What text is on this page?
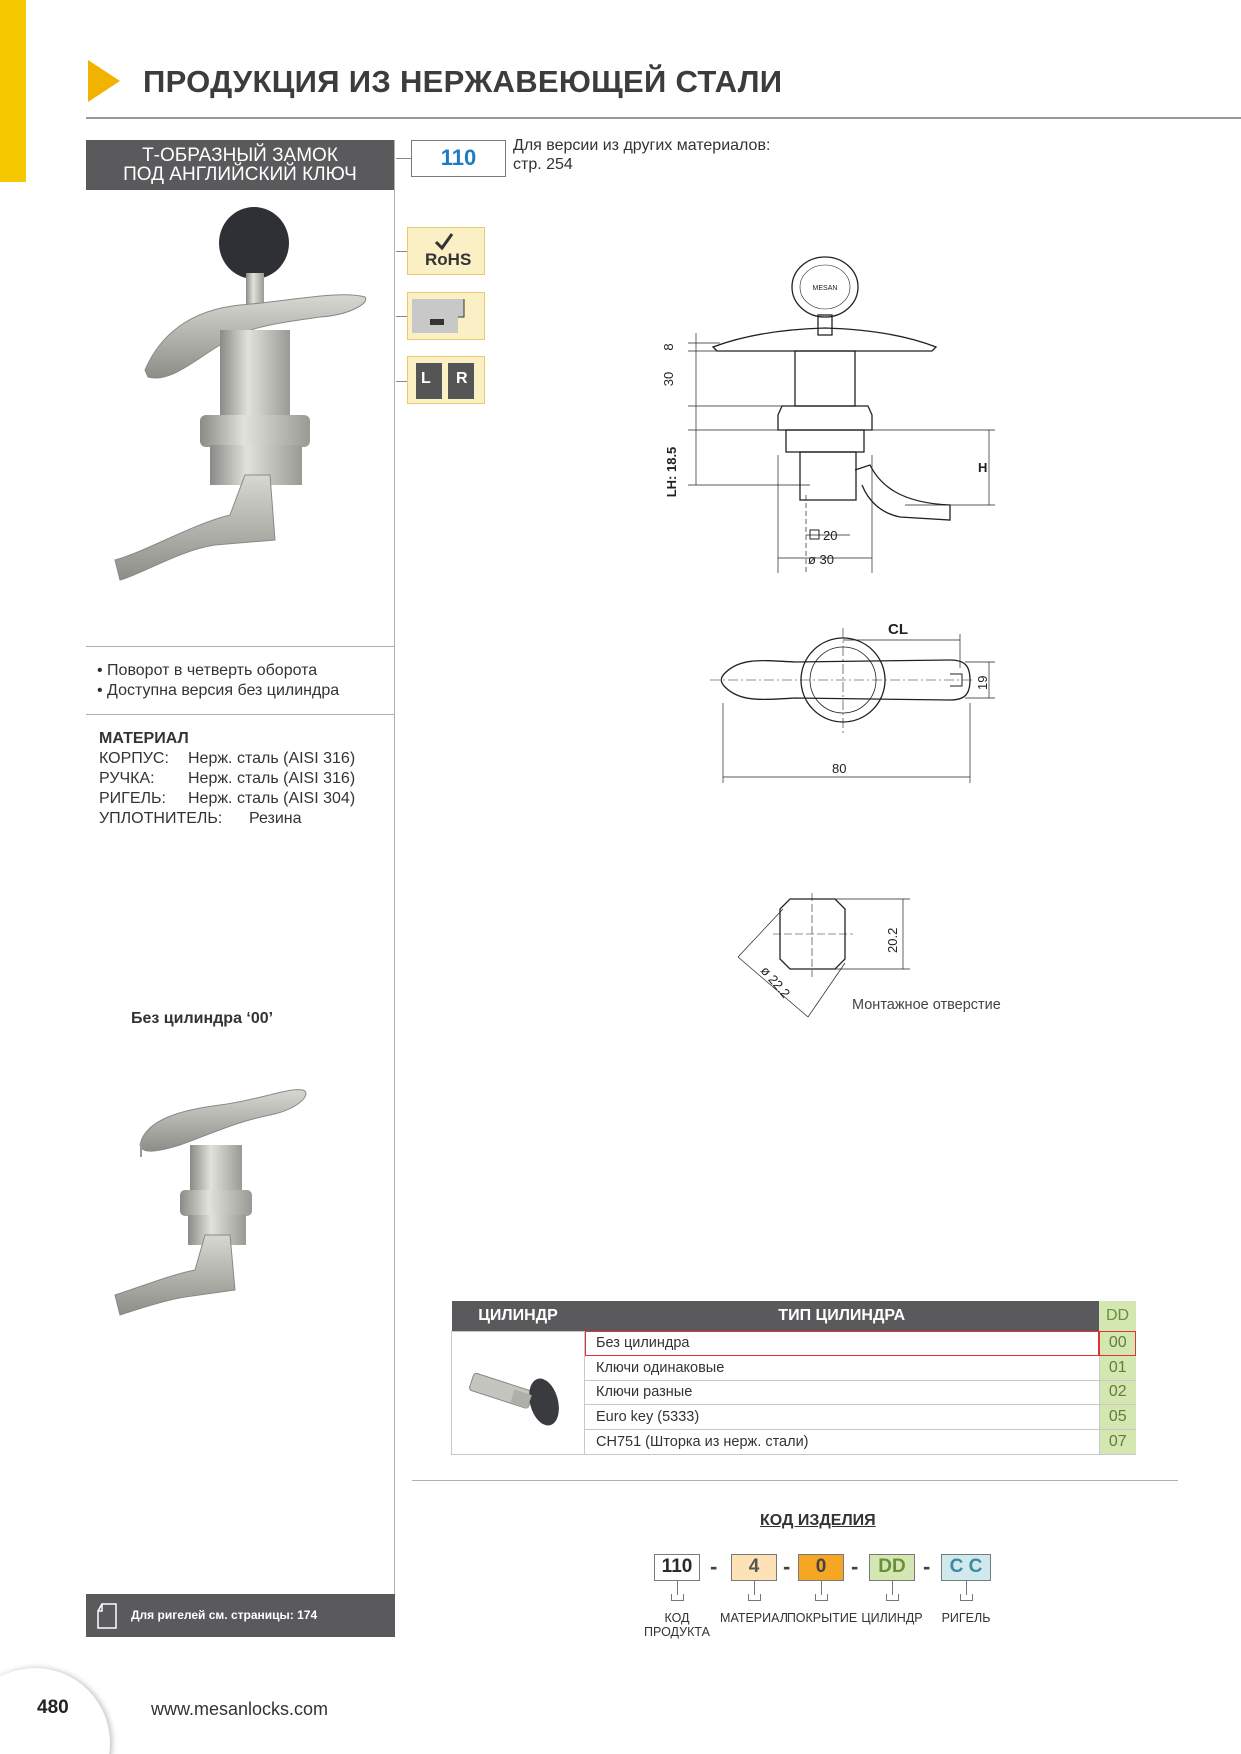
ПРОДУКЦИЯ ИЗ НЕРЖАВЕЮЩЕЙ СТАЛИ
Т-ОБРАЗНЫЙ ЗАМОК
ПОД АНГЛИЙСКИЙ КЛЮЧ
• Поворот в четверть оборота
• Доступна версия без цилиндра
МАТЕРИАЛ
КОРПУС:	Нерж. сталь (AISI 316)
РУЧКА:	Нерж. сталь (AISI 316)
РИГЕЛЬ:	Нерж. сталь (AISI 304)
УПЛОТНИТЕЛЬ:	Резина
Без цилиндра ‘00’
Для ригелей см. страницы: 174
110	Для версии из других материалов:
стр. 254
RoHS
L R
MESAN
8
30
LH: 18.5	H
20
ø 30
CL
19
80
20.2
ø 22.2
Монтажное отверстие
ЦИЛИНДР	ТИП ЦИЛИНДРА	DD
	Без цилиндра	00
	Ключи одинаковые	01
	Ключи разные	02
	Euro key (5333)	05
	CH751 (Шторка из нерж. стали)	07
КОД ИЗДЕЛИЯ
110 -	4	-	0	-	DD -	C C
КОД
ПРОДУКТА
МАТЕРИАЛ
ПОКРЫТИЕ ЦИЛИНДР	РИГЕЛЬ
480	www.mesanlocks.com
